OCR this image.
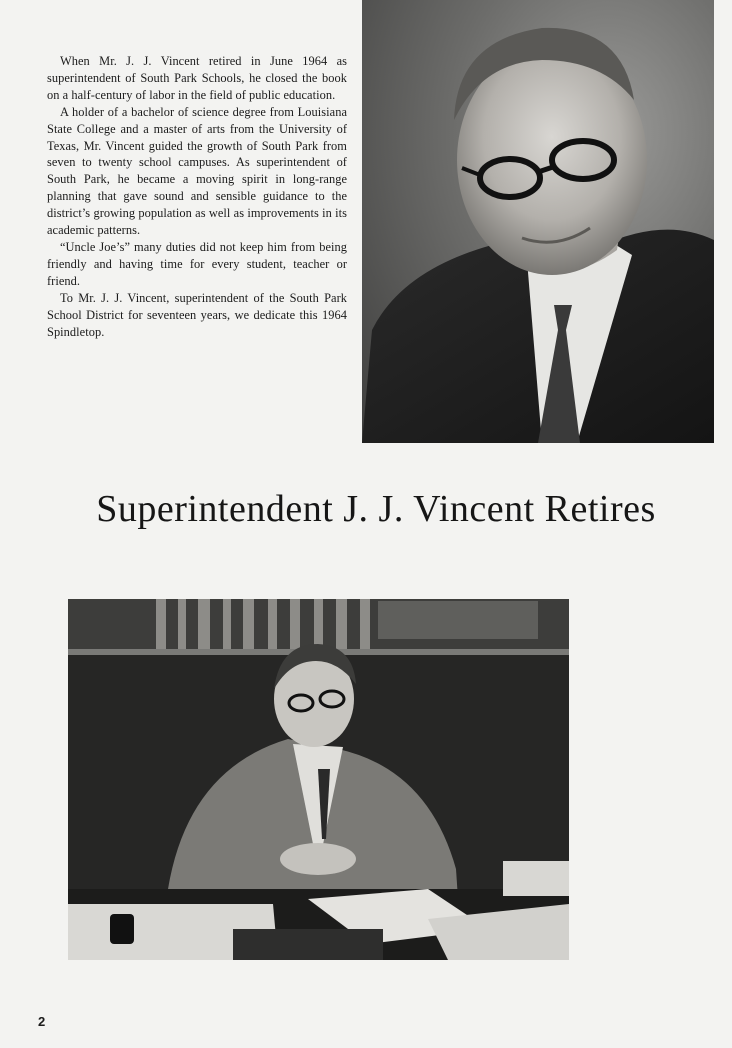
When Mr. J. J. Vincent retired in June 1964 as superintendent of South Park Schools, he closed the book on a half-century of labor in the field of public education.

A holder of a bachelor of science degree from Louisiana State College and a master of arts from the University of Texas, Mr. Vincent guided the growth of South Park from seven to twenty school campuses. As superintendent of South Park, he became a moving spirit in long-range planning that gave sound and sensible guidance to the district’s growing population as well as improvements in its academic patterns.

“Uncle Joe’s” many duties did not keep him from being friendly and having time for every student, teacher or friend.

To Mr. J. J. Vincent, superintendent of the South Park School District for seventeen years, we dedicate this 1964 Spindletop.

Superintendent J. J. Vincent Retires
2
